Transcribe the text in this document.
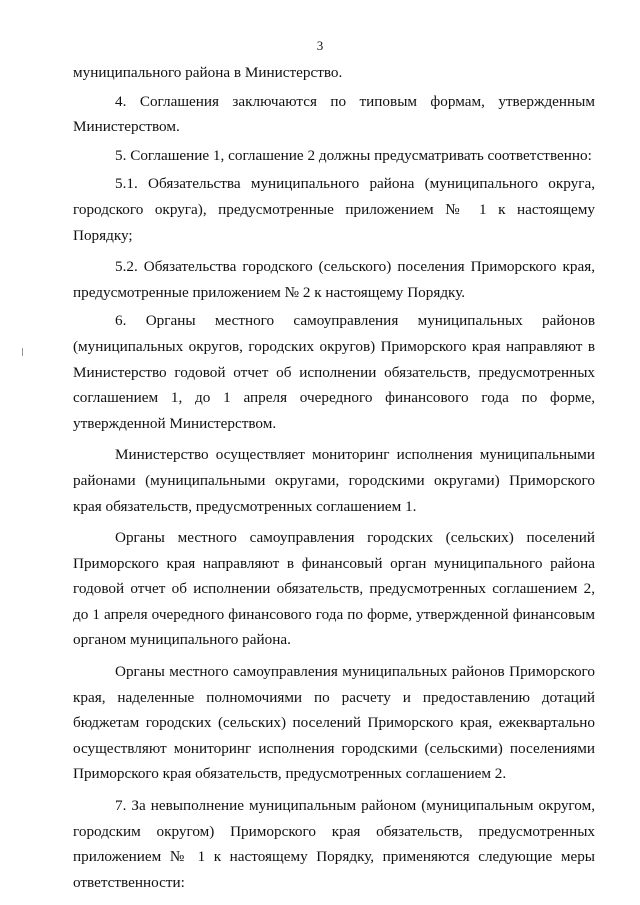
3

муниципального района в Министерство.

4. Соглашения заключаются по типовым формам, утвержденным Министерством.

5. Соглашение 1, соглашение 2 должны предусматривать соответственно:

5.1. Обязательства муниципального района (муниципального округа, городского округа), предусмотренные приложением № 1 к настоящему Порядку;

5.2. Обязательства городского (сельского) поселения Приморского края, предусмотренные приложением № 2 к настоящему Порядку.

6. Органы местного самоуправления муниципальных районов (муниципальных округов, городских округов) Приморского края направляют в Министерство годовой отчет об исполнении обязательств, предусмотренных соглашением 1, до 1 апреля очередного финансового года по форме, утвержденной Министерством.

Министерство осуществляет мониторинг исполнения муниципальными районами (муниципальными округами, городскими округами) Приморского края обязательств, предусмотренных соглашением 1.

Органы местного самоуправления городских (сельских) поселений Приморского края направляют в финансовый орган муниципального района годовой отчет об исполнении обязательств, предусмотренных соглашением 2, до 1 апреля очередного финансового года по форме, утвержденной финансовым органом муниципального района.

Органы местного самоуправления муниципальных районов Приморского края, наделенные полномочиями по расчету и предоставлению дотаций бюджетам городских (сельских) поселений Приморского края, ежеквартально осуществляют мониторинг исполнения городскими (сельскими) поселениями Приморского края обязательств, предусмотренных соглашением 2.

7. За невыполнение муниципальным районом (муниципальным округом, городским округом) Приморского края обязательств, предусмотренных приложением № 1 к настоящему Порядку, применяются следующие меры ответственности:
